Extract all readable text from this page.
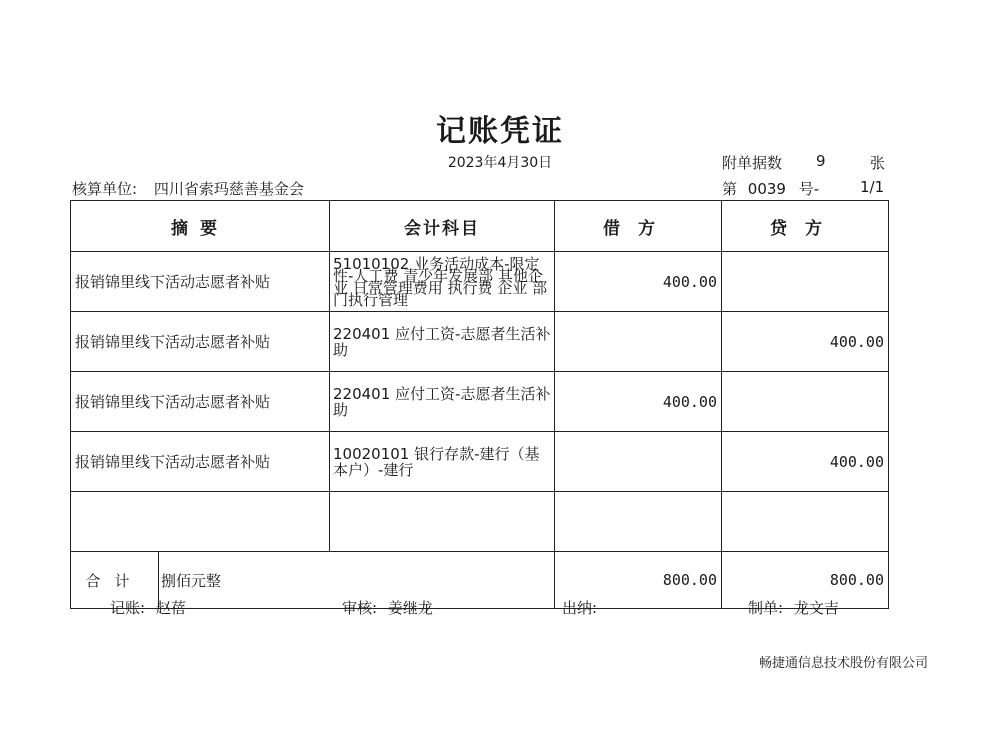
记账凭证
2023年4月30日
核算单位: 四川省索玛慈善基金会
附单据数 9	张
第 0039 号-	1/1
摘要		会计科目	借方	贷方
报销锦里线下活动志愿者补贴		51010102 业务活动成本-限定性-人工费 青少年发展部 其他企业 日常管理费用 执行费 企业 部门执行管理	400.00	
报销锦里线下活动志愿者补贴		220401 应付工资-志愿者生活补助		400.00
报销锦里线下活动志愿者补贴		220401 应付工资-志愿者生活补助	400.00	
报销锦里线下活动志愿者补贴		10020101 银行存款-建行（基本户）-建行		400.00

合计	捌佰元整		800.00	800.00
记账: 赵蓓	审核: 姜继龙	出纳:	制单: 龙文吉
畅捷通信息技术股份有限公司
